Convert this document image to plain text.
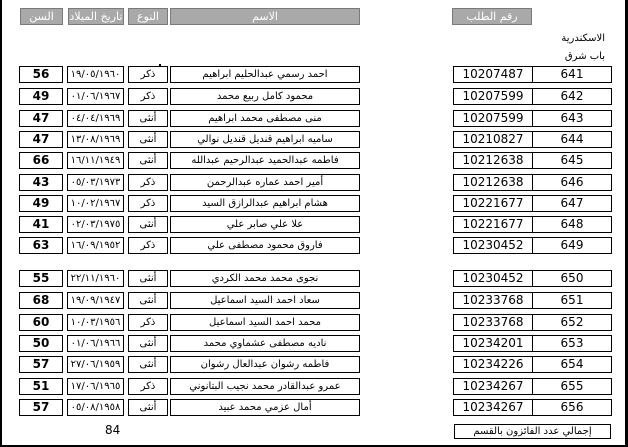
السن	تاريخ الميلاد	النوع	الاسم	رقم الطلب
الاسكندرية
باب شرق
56	١٩/٠٥/١٩٦٠	ذكر	احمد رسمي عبدالحليم ابراهيم	10207487	641
49	٠١/٠٦/١٩٦٧	ذكر	محمود كامل ربيع محمد	10207599	642
47	٠٤/٠٤/١٩٦٩	أنثى	منى مصطفى محمد ابراهيم	10207599	643
47	١٣/٠٨/١٩٦٩	أنثى	ساميه ابراهيم قنديل قنديل نوالي	10210827	644
66	١٦/١١/١٩٤٩	أنثى	فاطمه عبدالحميد عبدالرحيم عبدالله	10212638	645
43	٠٥/٠٣/١٩٧٣	ذكر	أمير احمد عماره عبدالرحمن	10212638	646
49	١٠/٠٢/١٩٦٧	ذكر	هشام ابراهيم عبدالرازق السيد	10221677	647
41	٠٢/٠٣/١٩٧٥	أنثى	علا علي صابر علي	10221677	648
63	١٦/٠٩/١٩٥٢	ذكر	فاروق محمود مصطفى علي	10230452	649
55	٢٢/١١/١٩٦٠	أنثى	نجوى محمد محمد الكردي	10230452	650
68	١٩/٠٩/١٩٤٧	أنثى	سعاد احمد السيد اسماعيل	10233768	651
60	١٠/٠٣/١٩٥٦	ذكر	محمد احمد السيد اسماعيل	10233768	652
50	٠١/٠٦/١٩٦٦	أنثى	ناديه مصطفى عشماوي محمد	10234201	653
57	٢٧/٠٦/١٩٥٩	أنثى	فاطمه رشوان عبدالعال رشوان	10234226	654
51	١٧/٠٦/١٩٦٥	ذكر	عمرو عبدالقادر محمد نجيب البتانوني	10234267	655
57	٠٥/٠٨/١٩٥٨	أنثى	أمال عزمي محمد عبيد	10234267	656
84	إجمالي عدد الفائزون بالقسم
